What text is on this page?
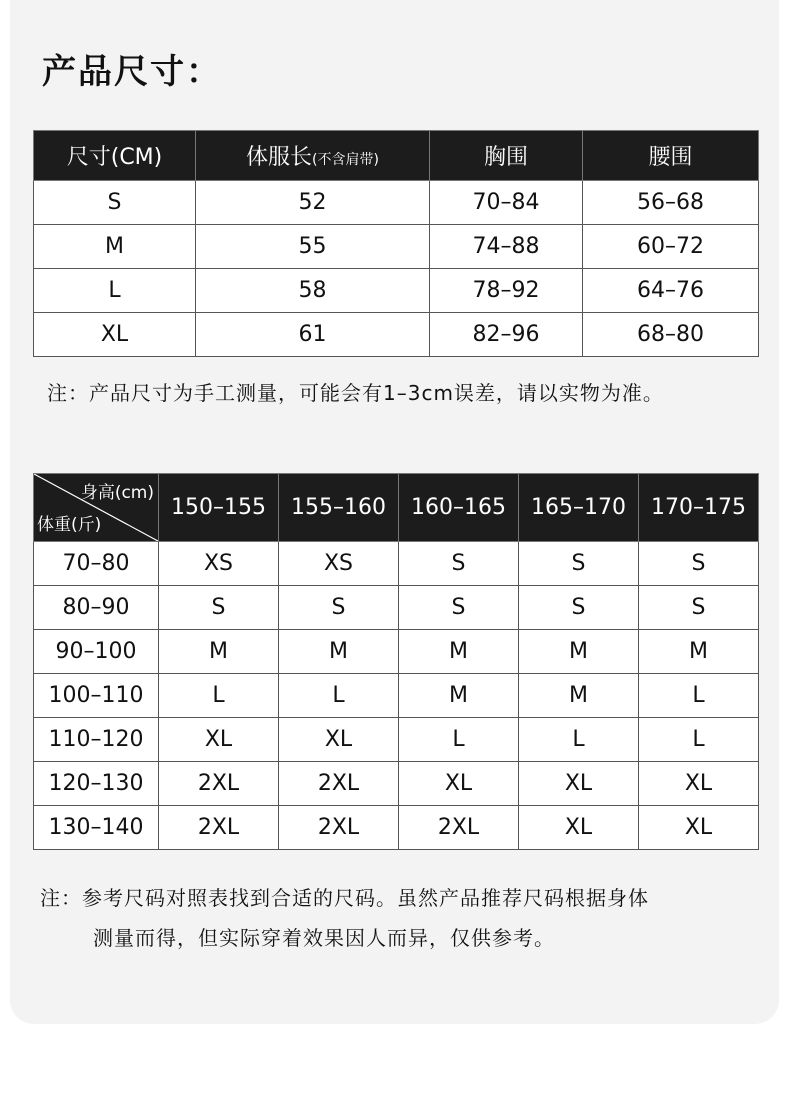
产品尺寸：
尺寸(CM)	体服长(不含肩带)	胸围	腰围
S	52	70–84	56–68
M	55	74–88	60–72
L	58	78–92	64–76
XL	61	82–96	68–80

注：产品尺寸为手工测量，可能会有1–3cm误差，请以实物为准。

身高(cm)
体重(斤)	150–155	155–160	160–165	165–170	170–175
70–80	XS	XS	S	S	S
80–90	S	S	S	S	S
90–100	M	M	M	M	M
100–110	L	L	M	M	L
110–120	XL	XL	L	L	L
120–130	2XL	2XL	XL	XL	XL
130–140	2XL	2XL	2XL	XL	XL

注：参考尺码对照表找到合适的尺码。虽然产品推荐尺码根据身体
测量而得，但实际穿着效果因人而异，仅供参考。
